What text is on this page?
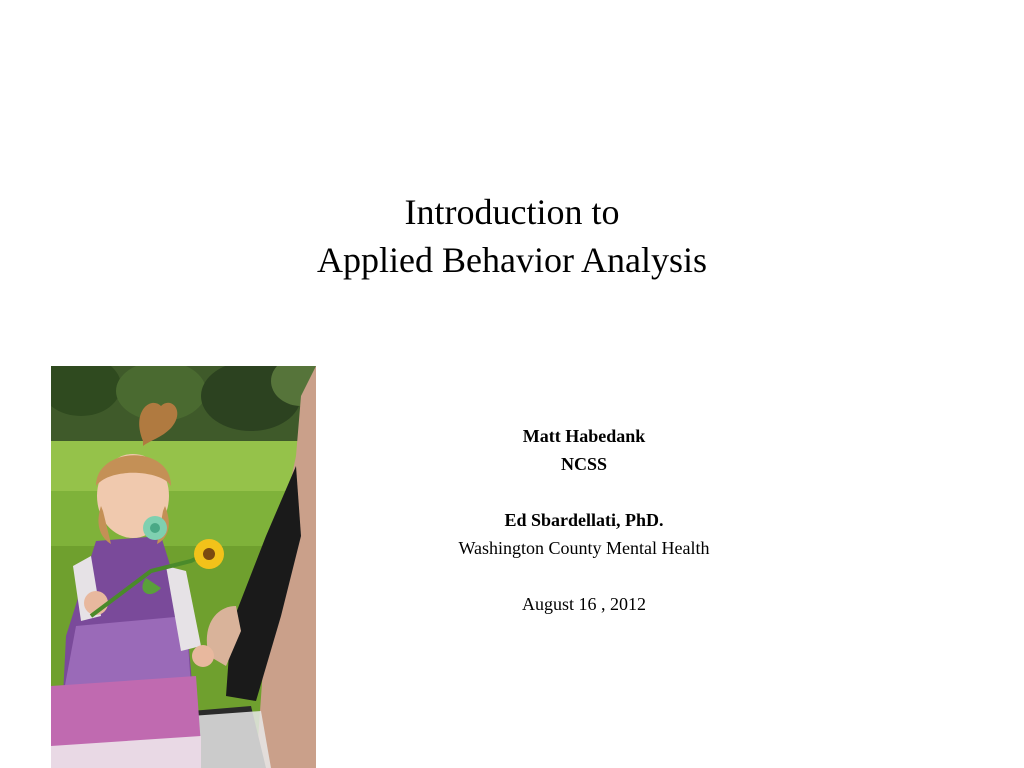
Introduction to
Applied Behavior Analysis
Matt Habedank
NCSS
Ed Sbardellati, PhD.
Washington County Mental Health
August 16 , 2012
